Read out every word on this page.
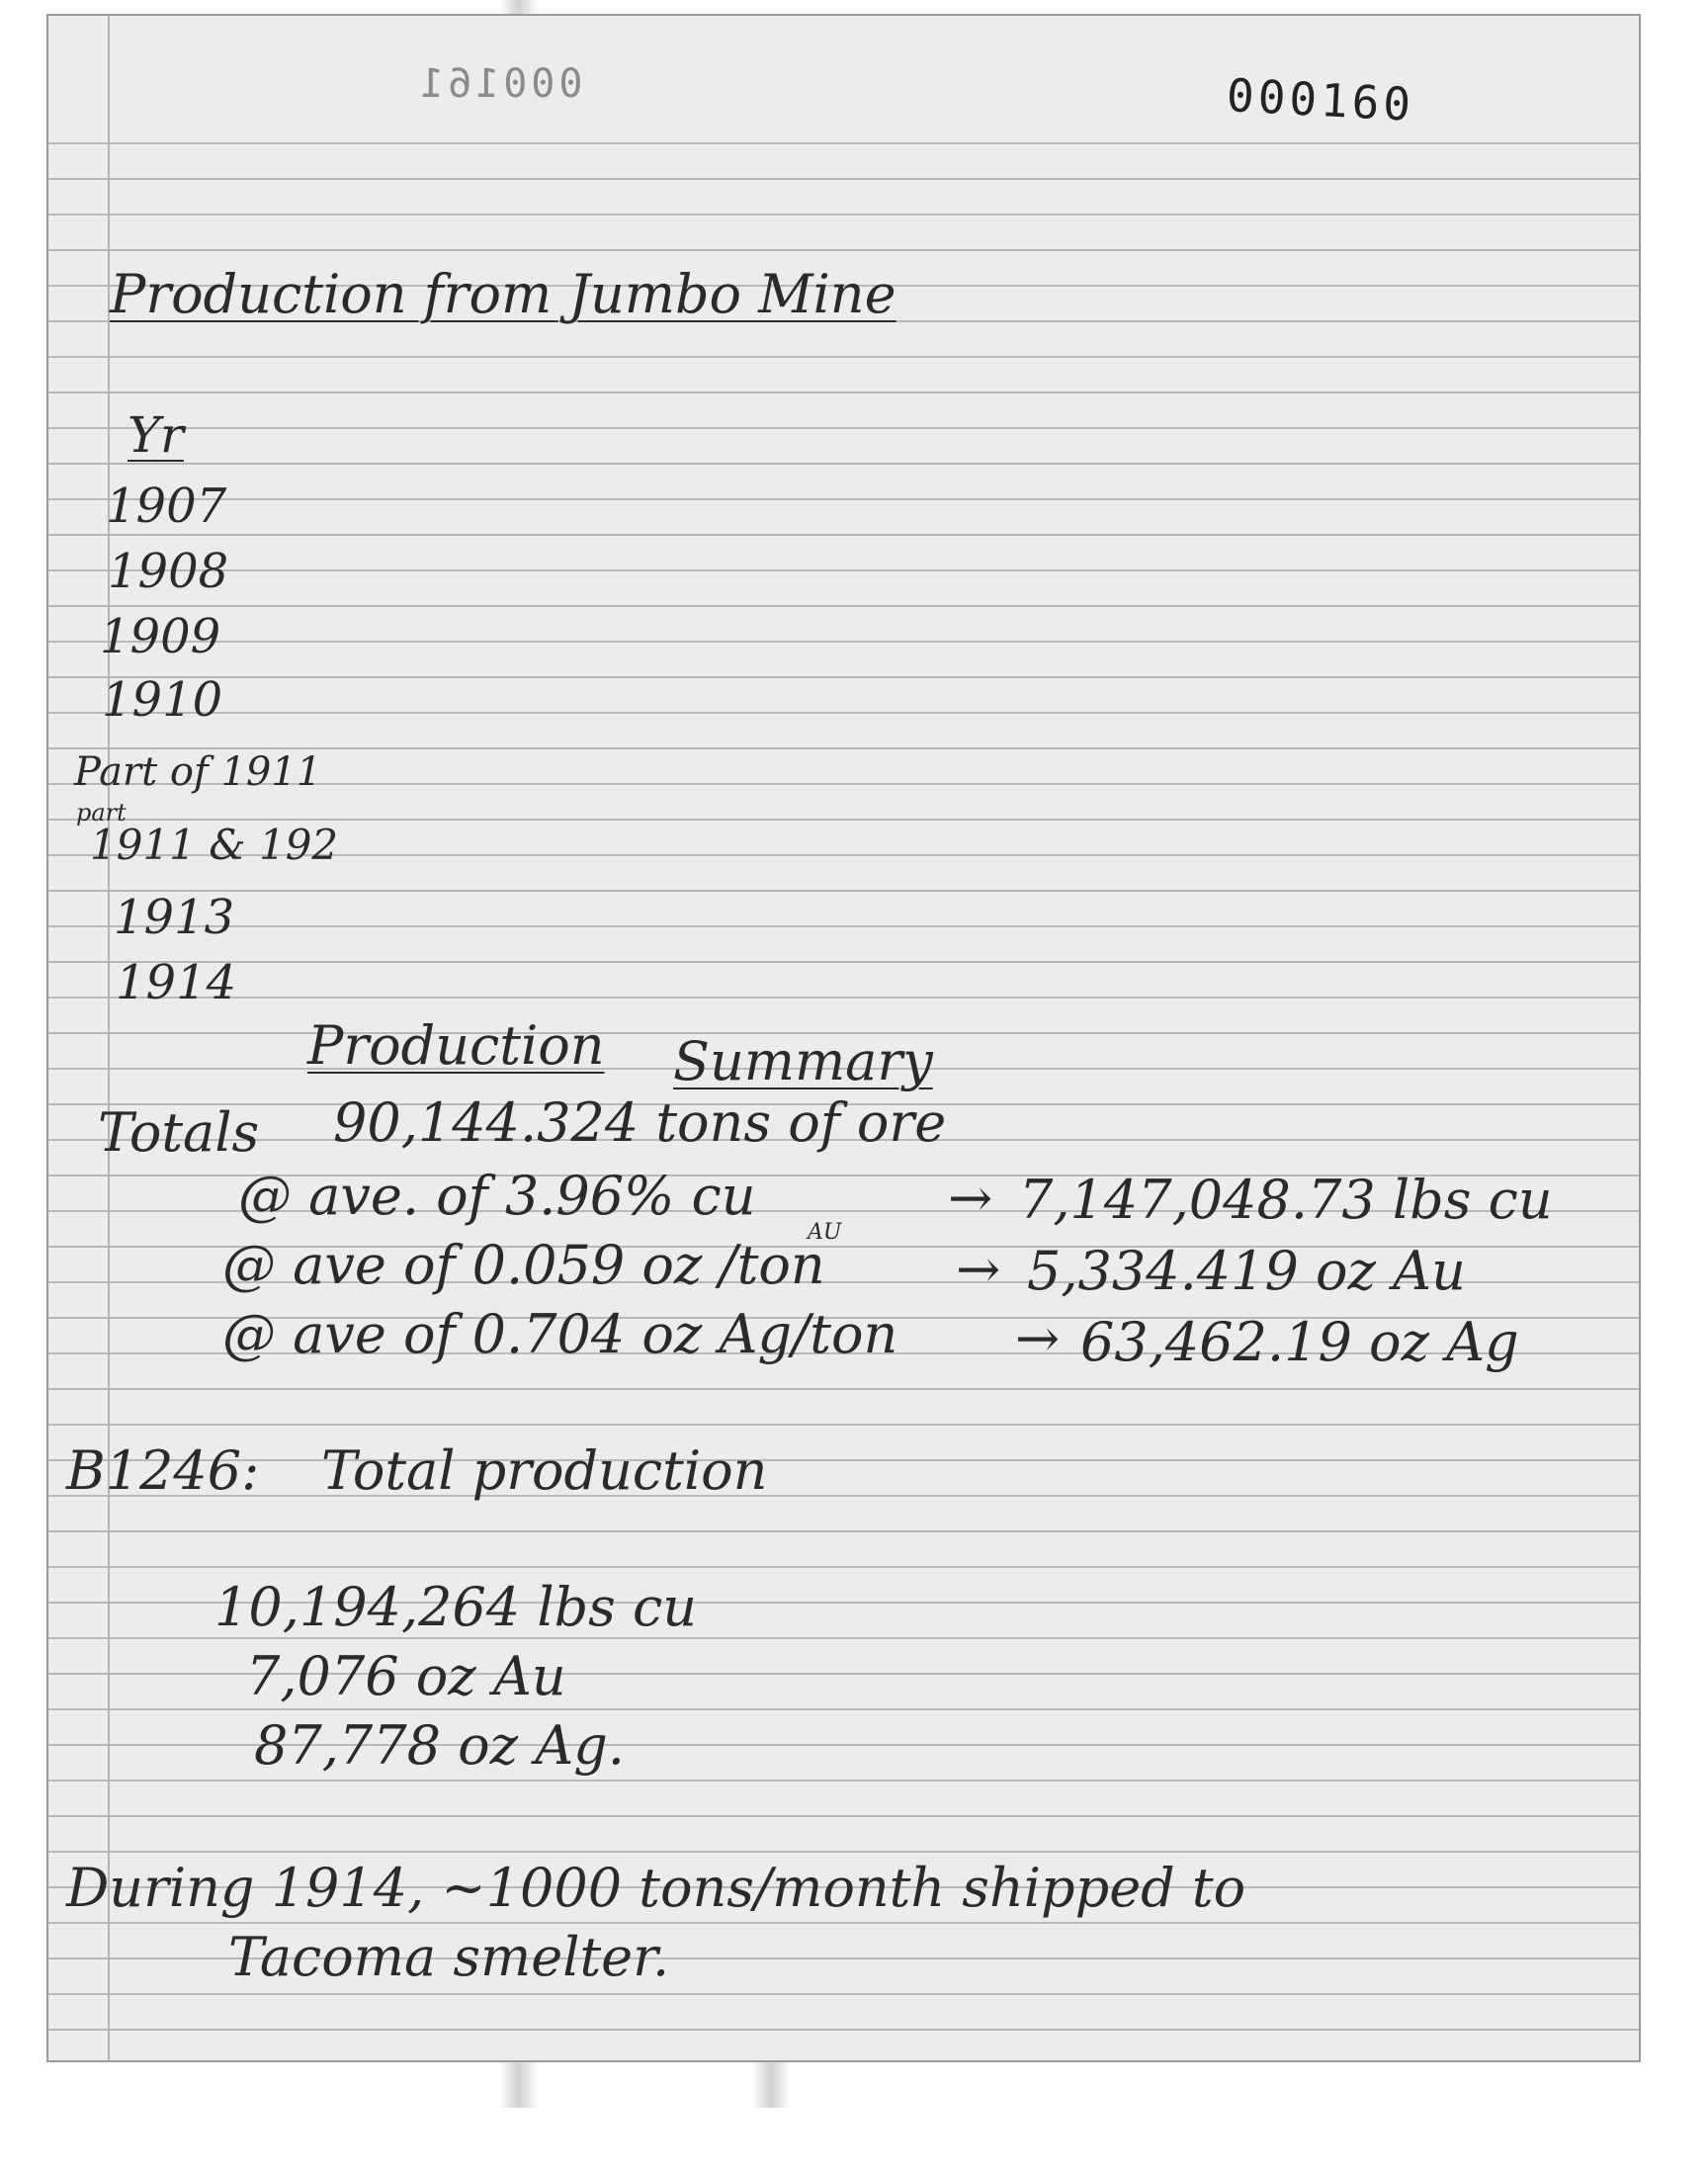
000161	000160
Production from Jumbo Mine
Yr
1907
1908
1909
1910
Part of 1911
part
1911 & 192
1913
1914
Production Summary
Totals 90,144.324 tons of ore
@ ave. of 3.96% cu	→ 7,147,048.73 lbs cu
AU
@ ave of 0.059 oz /ton → 5,334.419 oz Au
@ ave of 0.704 oz Ag/ton → 63,462.19 oz Ag
B1246: Total production
10,194,264 lbs cu
7,076 oz Au
87,778 oz Ag.
During 1914, ~1000 tons/month shipped to
Tacoma smelter.
